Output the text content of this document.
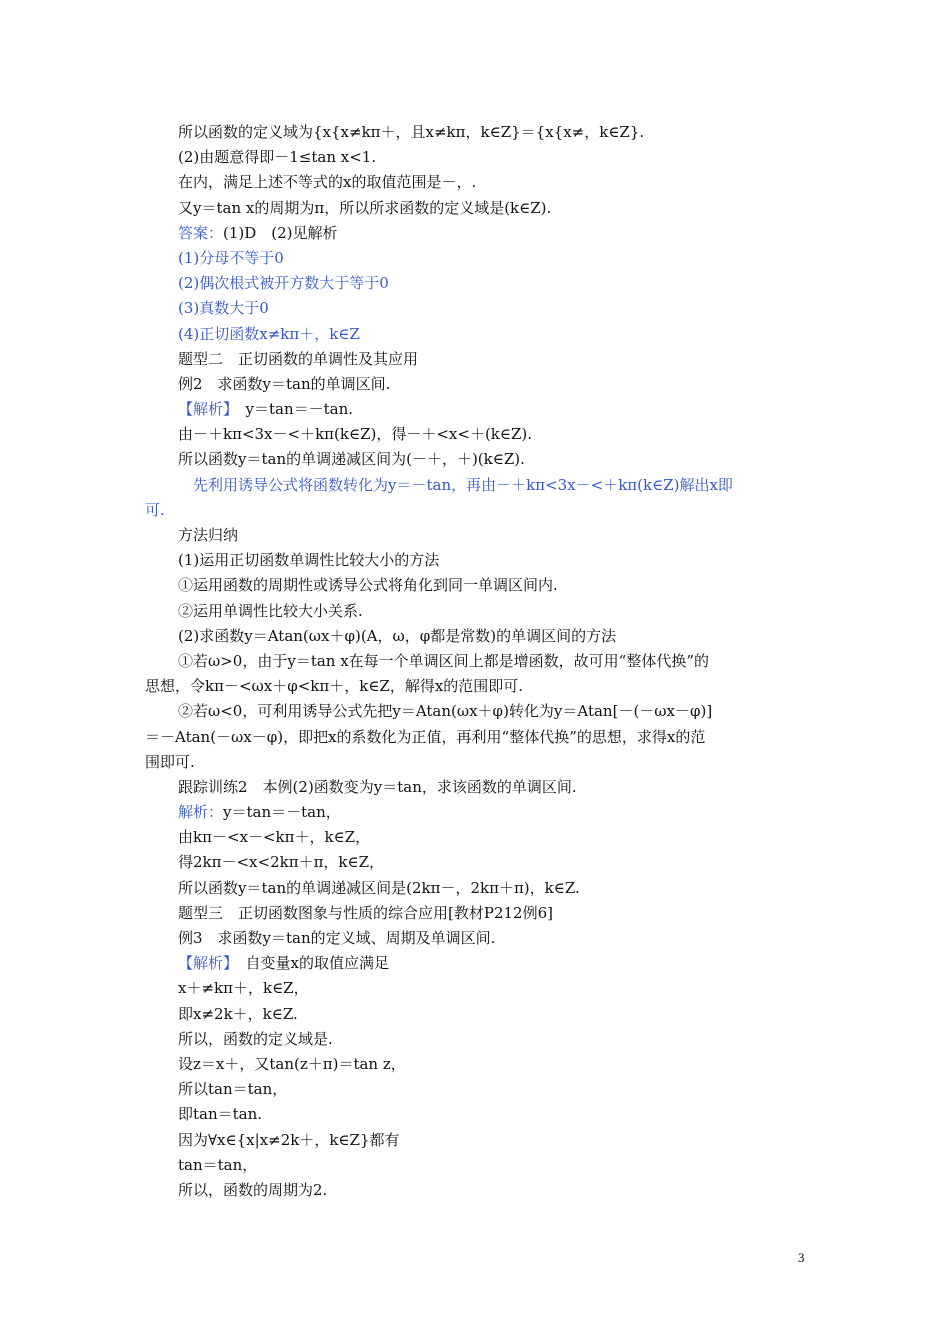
所以函数的定义域为{x{x≠kπ＋，且x≠kπ，k∈Z}＝{x{x≠，k∈Z}.
(2)由题意得即－1≤tan x<1.
在内，满足上述不等式的x的取值范围是－，.
又y＝tan x的周期为π，所以所求函数的定义域是(k∈Z).
答案：(1)D　(2)见解析
(1)分母不等于0
(2)偶次根式被开方数大于等于0
(3)真数大于0
(4)正切函数x≠kπ＋，k∈Z
题型二　正切函数的单调性及其应用
例2　求函数y＝tan的单调区间.
【解析】　y＝tan＝－tan.
由－＋kπ<3x－<＋kπ(k∈Z)，得－＋<x<＋(k∈Z).
所以函数y＝tan的单调递减区间为(－＋，＋)(k∈Z).
先利用诱导公式将函数转化为y＝－tan，再由－＋kπ<3x－<＋kπ(k∈Z)解出x即
可.
方法归纳
(1)运用正切函数单调性比较大小的方法
①运用函数的周期性或诱导公式将角化到同一单调区间内.
②运用单调性比较大小关系.
(2)求函数y＝Atan(ωx＋φ)(A，ω，φ都是常数)的单调区间的方法
①若ω>0，由于y＝tan x在每一个单调区间上都是增函数，故可用“整体代换”的
思想，令kπ－<ωx＋φ<kπ＋，k∈Z，解得x的范围即可.
②若ω<0，可利用诱导公式先把y＝Atan(ωx＋φ)转化为y＝Atan[－(－ωx－φ)]
＝－Atan(－ωx－φ)，即把x的系数化为正值，再利用“整体代换”的思想，求得x的范
围即可.
跟踪训练2　本例(2)函数变为y＝tan，求该函数的单调区间.
解析：y＝tan＝－tan，
由kπ－<x－<kπ＋，k∈Z，
得2kπ－<x<2kπ＋π，k∈Z，
所以函数y＝tan的单调递减区间是(2kπ－，2kπ＋π)，k∈Z.
题型三　正切函数图象与性质的综合应用[教材P212例6]
例3　求函数y＝tan的定义域、周期及单调区间.
【解析】　自变量x的取值应满足
x＋≠kπ＋，k∈Z，
即x≠2k＋，k∈Z.
所以，函数的定义域是.
设z＝x＋，又tan(z＋π)＝tan z，
所以tan＝tan，
即tan＝tan.
因为∀x∈{x|x≠2k＋，k∈Z}都有
tan＝tan，
所以，函数的周期为2.
3
